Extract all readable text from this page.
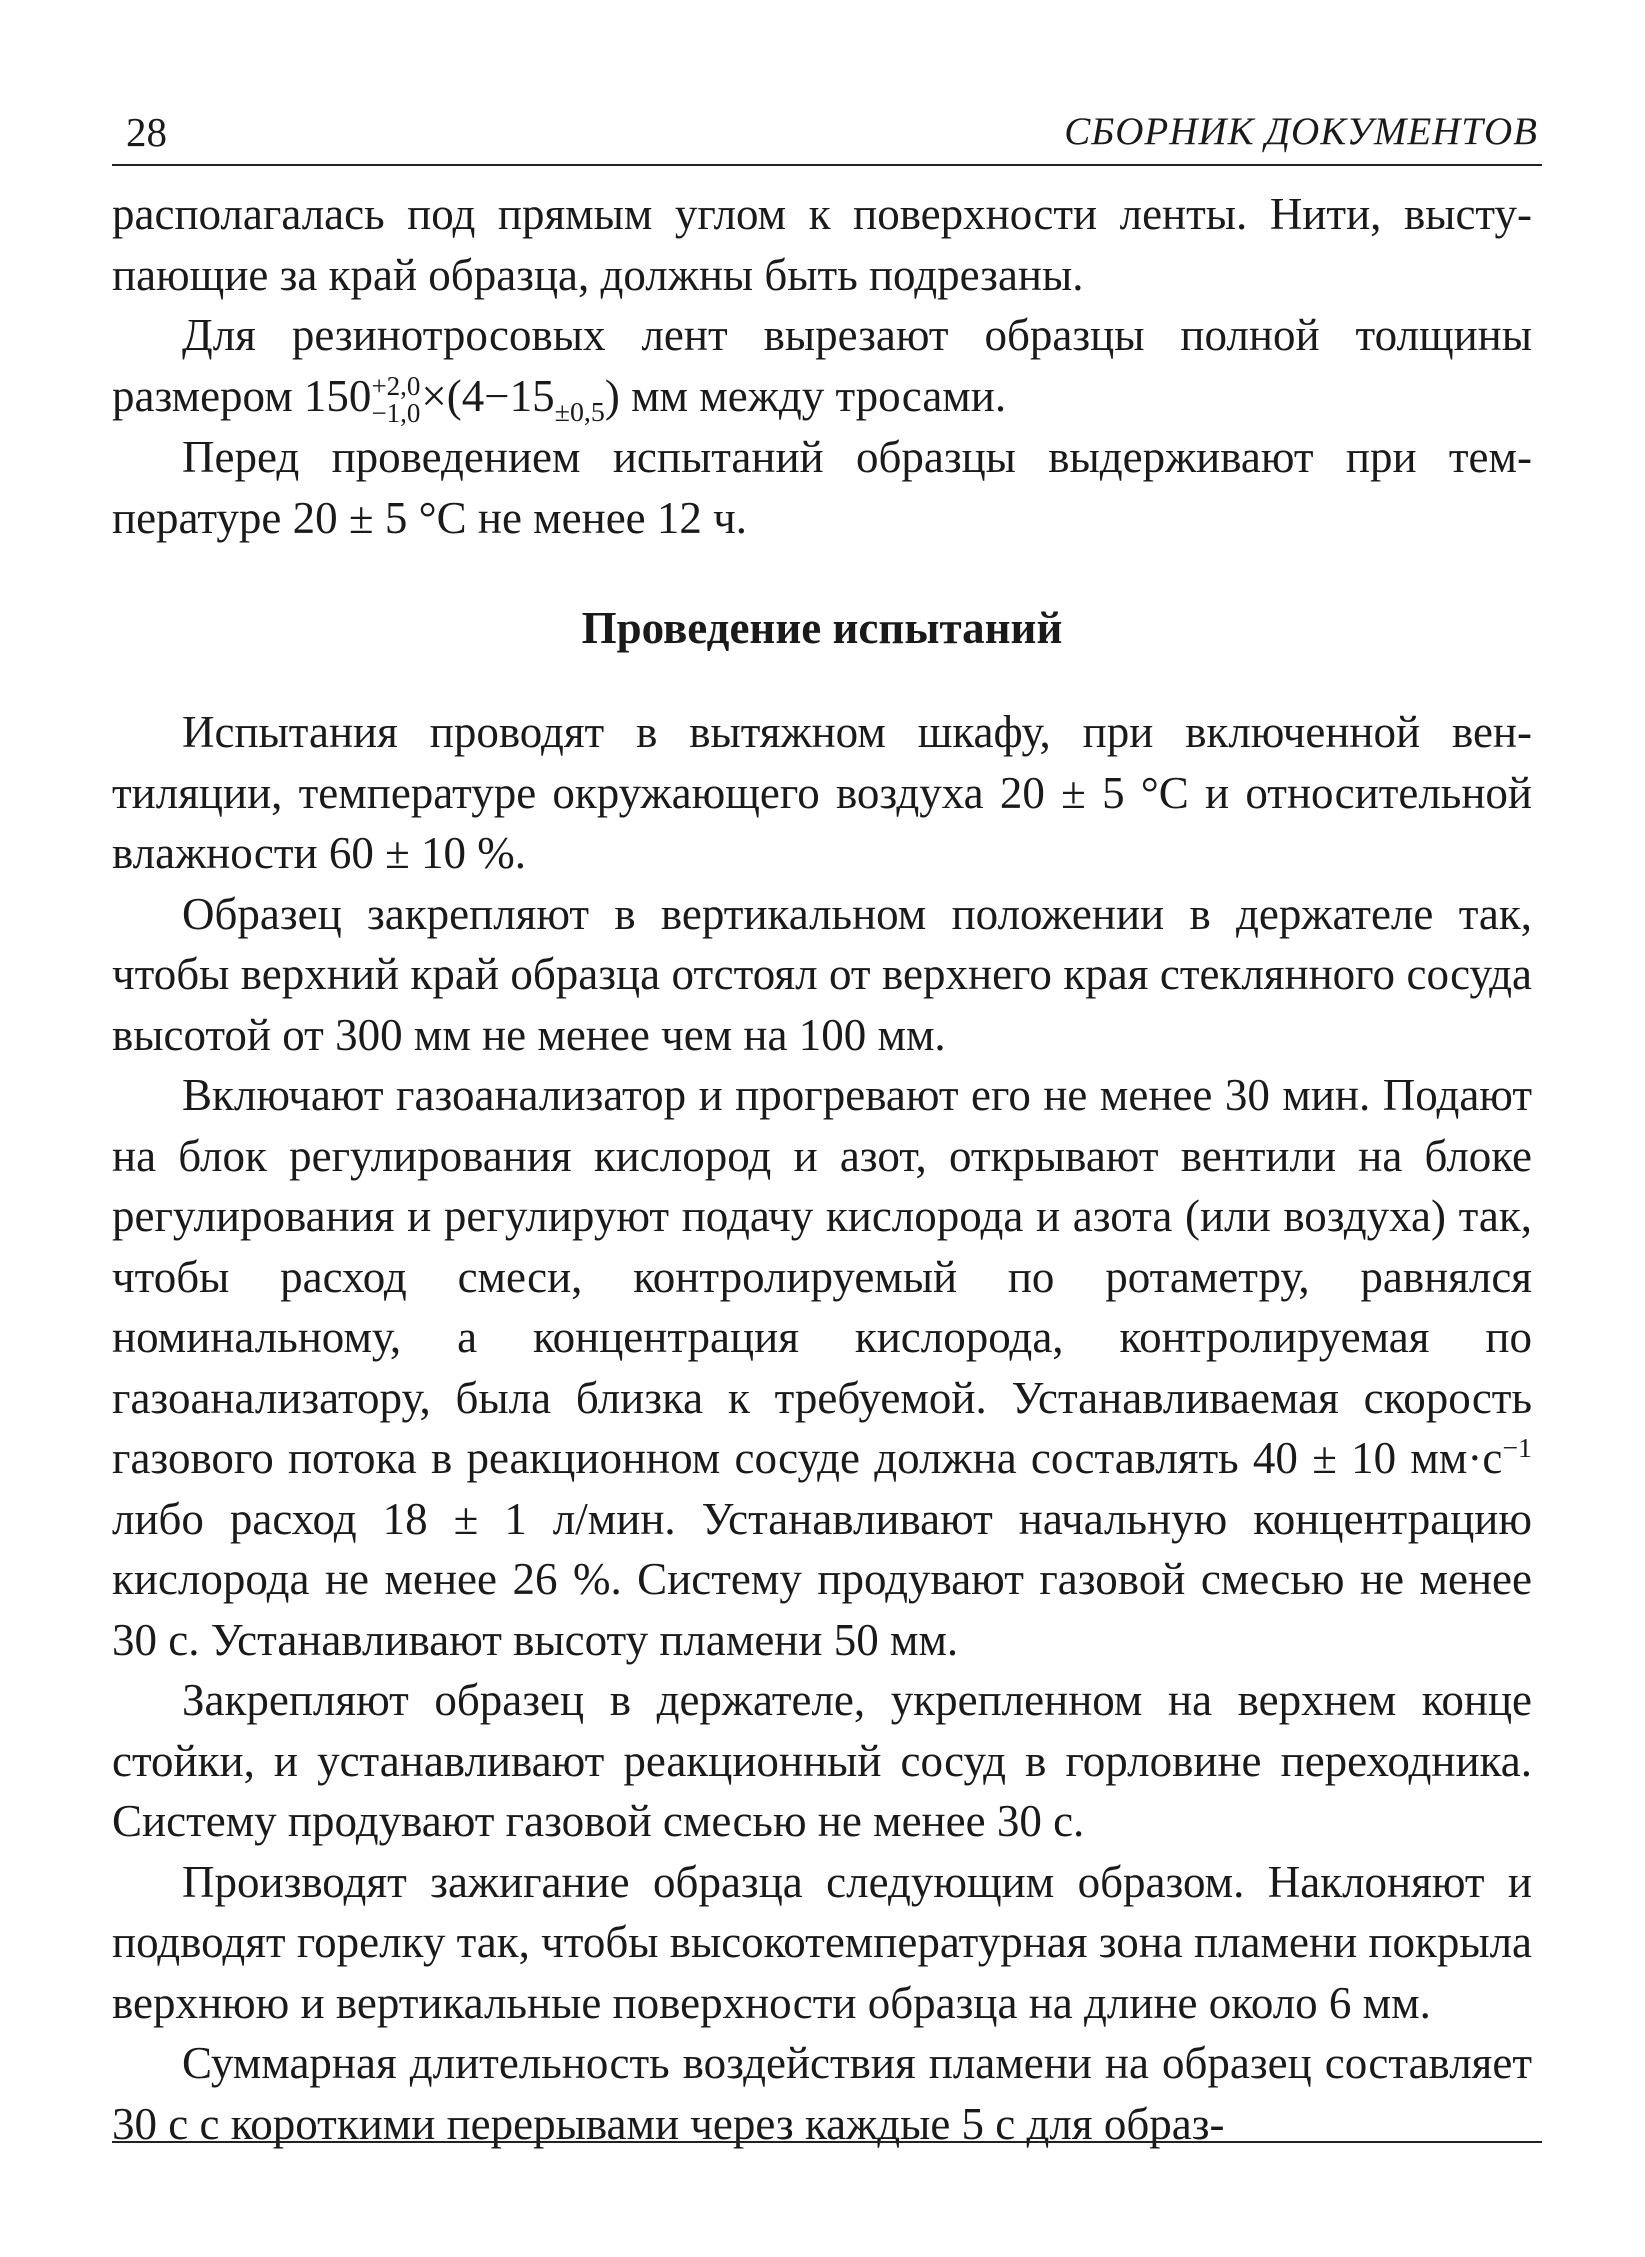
28	СБОРНИК ДОКУМЕНТОВ

располагалась под прямым углом к поверхности ленты. Нити, выступающие за край образца, должны быть подрезаны.

Для резинотросовых лент вырезают образцы полной толщины размером 150 +2,0
$-1,0 \times(4-15_{\pm 0,5})$ мм между тросами.

Перед проведением испытаний образцы выдерживают при температуре 20 ± 5 °С не менее 12 ч.

Проведение испытаний

Испытания проводят в вытяжном шкафу, при включенной вентиляции, температуре окружающего воздуха 20 ± 5 °С и относительной влажности 60 ± 10 %.

Образец закрепляют в вертикальном положении в держателе так, чтобы верхний край образца отстоял от верхнего края стеклянного сосуда высотой от 300 мм не менее чем на 100 мм.

Включают газоанализатор и прогревают его не менее 30 мин. Подают на блок регулирования кислород и азот, открывают вентили на блоке регулирования и регулируют подачу кислорода и азота (или воздуха) так, чтобы расход смеси, контролируемый по ротаметру, равнялся номинальному, а концентрация кислорода, контролируемая по газоанализатору, была близка к требуемой. Устанавливаемая скорость газового потока в реакционном сосуде должна составлять 40 ± 10 $мм\cdot с^{-1}$ либо расход 18 ± 1 л/мин. Устанавливают начальную концентрацию кислорода не менее 26 %. Систему продувают газовой смесью не менее 30 с. Устанавливают высоту пламени 50 мм.

Закрепляют образец в держателе, укрепленном на верхнем конце стойки, и устанавливают реакционный сосуд в горловине переходника. Систему продувают газовой смесью не менее 30 с.

Производят зажигание образца следующим образом. Наклоняют и подводят горелку так, чтобы высокотемпературная зона пламени покрыла верхнюю и вертикальные поверхности образца на длине около 6 мм.

Суммарная длительность воздействия пламени на образец составляет 30 с с короткими перерывами через каждые 5 с для образ-
